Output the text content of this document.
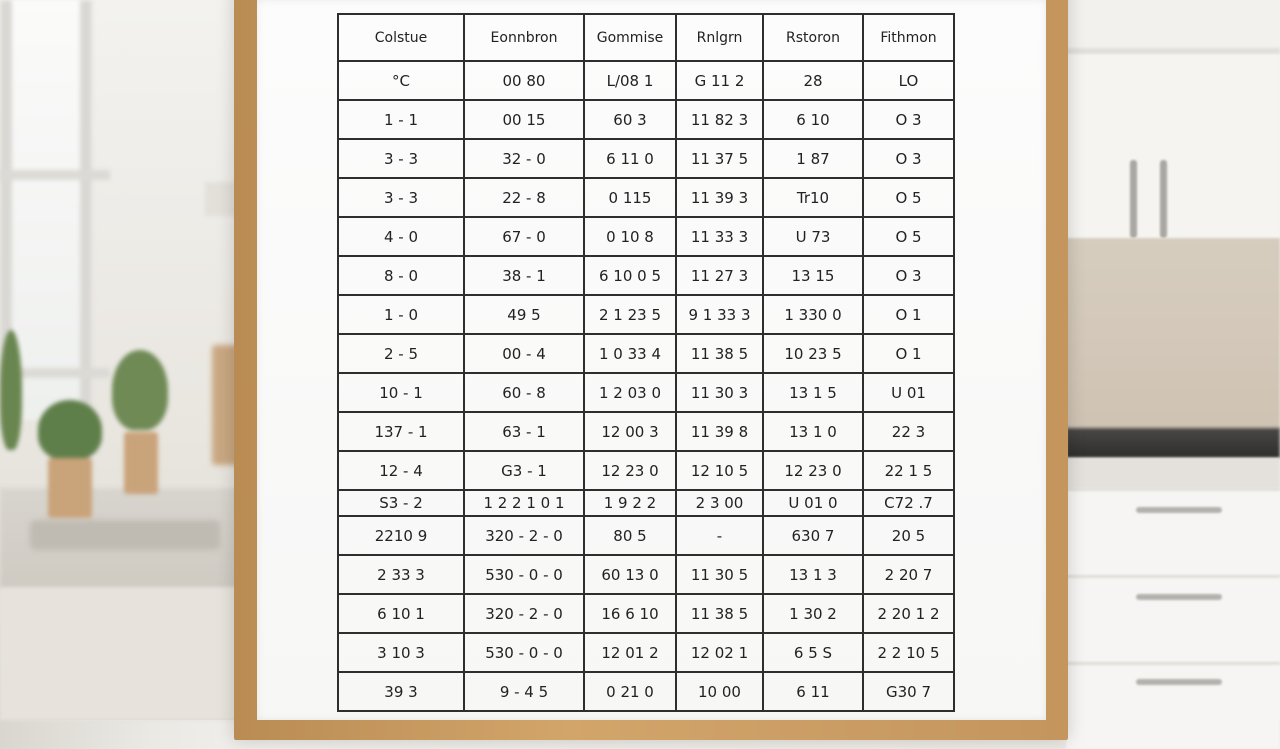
Colstue	Eonnbron	Gommise	Rnlgrn	Rstoron	Fithmon
°C	00 80	L/08 1	G 11 2	28	LO
1 - 1	00 15	60 3	11 82 3	6 10	O 3
3 - 3	32 - 0	6 11 0	11 37 5	1 87	O 3
3 - 3	22 - 8	0 115	11 39 3	Tr10	O 5
4 - 0	67 - 0	0 10 8	11 33 3	U 73	O 5
8 - 0	38 - 1	6 10 0 5	11 27 3	13 15	O 3
1 - 0	49 5	2 1 23 5	9 1 33 3	1 330 0	O 1
2 - 5	00 - 4	1 0 33 4	11 38 5	10 23 5	O 1
10 - 1	60 - 8	1 2 03 0	11 30 3	13 1 5	U 01
137 - 1	63 - 1	12 00 3	11 39 8	13 1 0	22 3
12 - 4	G3 - 1	12 23 0	12 10 5	12 23 0	22 1 5
S3 - 2	1 2 2 1 0 1	1 9 2 2	2 3 00	U 01 0	C72 .7
2210 9	320 - 2 - 0	80 5	-	630 7	20 5
2 33 3	530 - 0 - 0	60 13 0	11 30 5	13 1 3	2 20 7
6 10 1	320 - 2 - 0	16 6 10	11 38 5	1 30 2	2 20 1 2
3 10 3	530 - 0 - 0	12 01 2	12 02 1	6 5 S	2 2 10 5
39 3	9 - 4 5	0 21 0	10 00	6 11	G30 7
